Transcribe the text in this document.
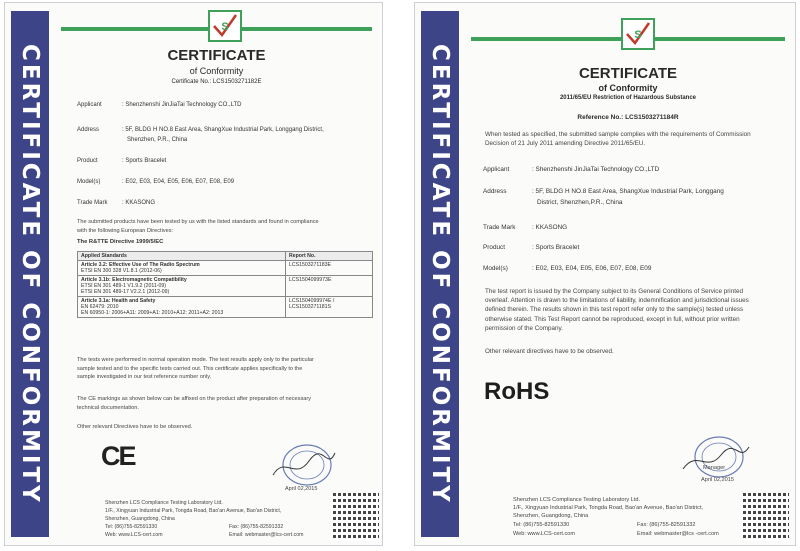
CERTIFICATE OF CONFORMITY
S
CERTIFICATE
of Conformity
Certificate No.: LCS1503271182E
Applicant	: Shenzhenshi JinJiaTai Technology CO.,LTD
Address	: 5F, BLDG H NO.8 East Area, ShangXue Industrial Park, Longgang District,
Shenzhen, P.R., China
Product	: Sports Bracelet
Model(s)	: E02, E03, E04, E05, E06, E07, E08, E09
Trade Mark : KKASONG
The submitted products have been tested by us with the listed standards and found in compliance
with the following European Directives:
The R&TTE Directive 1999/5/EC
Applied Standards	Report No.

Article 3.2: Effective Use of The Radio Spectrum
ETSI EN 300 328 V1.8.1 (2012-06)	LCS1503271183E

Article 3.1b: Electromagnetic Compatibility
ETSI EN 301 489-1 V1.9.2 (2011-09)
ETSI EN 301 489-17 V2.2.1 (2012-09)	LCS1504099973E

Article 3.1a: Health and Safety
EN 62479: 2010
EN 60950-1: 2006+A11: 2009+A1: 2010+A12: 2011+A2: 2013	LCS1504099974E / LCS1503271181S
The tests were performed in normal operation mode. The test results apply only to the particular
sample tested and to the specific tests carried out. This certificate applies specifically to the
sample investigated in our test reference number only.
The CE markings as shown below can be affixed on the product after preparation of necessary
technical documentation.
Other relevant Directives have to be observed.
CE
April 02,2015
Shenzhen LCS Compliance Testing Laboratory Ltd.
1/F., Xingyuan Industrial Park, Tongda Road, Bao'an Avenue, Bao'an District,
Shenzhen, Guangdong, China
Tel: (86)755-82591330	Fax: (86)755-82591332
Web: www.LCS-cert.com	Email: webmaster@lcs-cert.com
CERTIFICATE OF CONFORMITY
S
CERTIFICATE
of Conformity
2011/65/EU Restriction of Hazardous Substance
Reference No.: LCS1503271184R
When tested as specified, the submitted sample complies with the requirements of Commission
Decision of 21 July 2011 amending Directive 2011/65/EU.
Applicant	: Shenzhenshi JinJiaTai Technology CO.,LTD
Address	: 5F, BLDG H NO.8 East Area, ShangXue Industrial Park, Longgang
District, Shenzhen,P.R., China
Trade Mark	: KKASONG
Product	: Sports Bracelet
Model(s)	: E02, E03, E04, E05, E06, E07, E08, E09
The test report is issued by the Company subject to its General Conditions of Service printed
overleaf. Attention is drawn to the limitations of liability, indemnification and jurisdictional issues
defined therein. The results shown in this test report refer only to the sample(s) tested unless
otherwise stated. This Test Report cannot be reproduced, except in full, without prior written
permission of the Company.
Other relevant directives have to be observed.
Manager
April 02,2015
Shenzhen LCS Compliance Testing Laboratory Ltd.
1/F., Xingyuan Industrial Park, Tongda Road, Bao'an Avenue, Bao'an District,
Shenzhen, Guangdong, China
Tel: (86)755-82591330	Fax: (86)755-82591332
Web: www.LCS-cert.com	Email: webmaster@lcs -cert.com
RoHS
